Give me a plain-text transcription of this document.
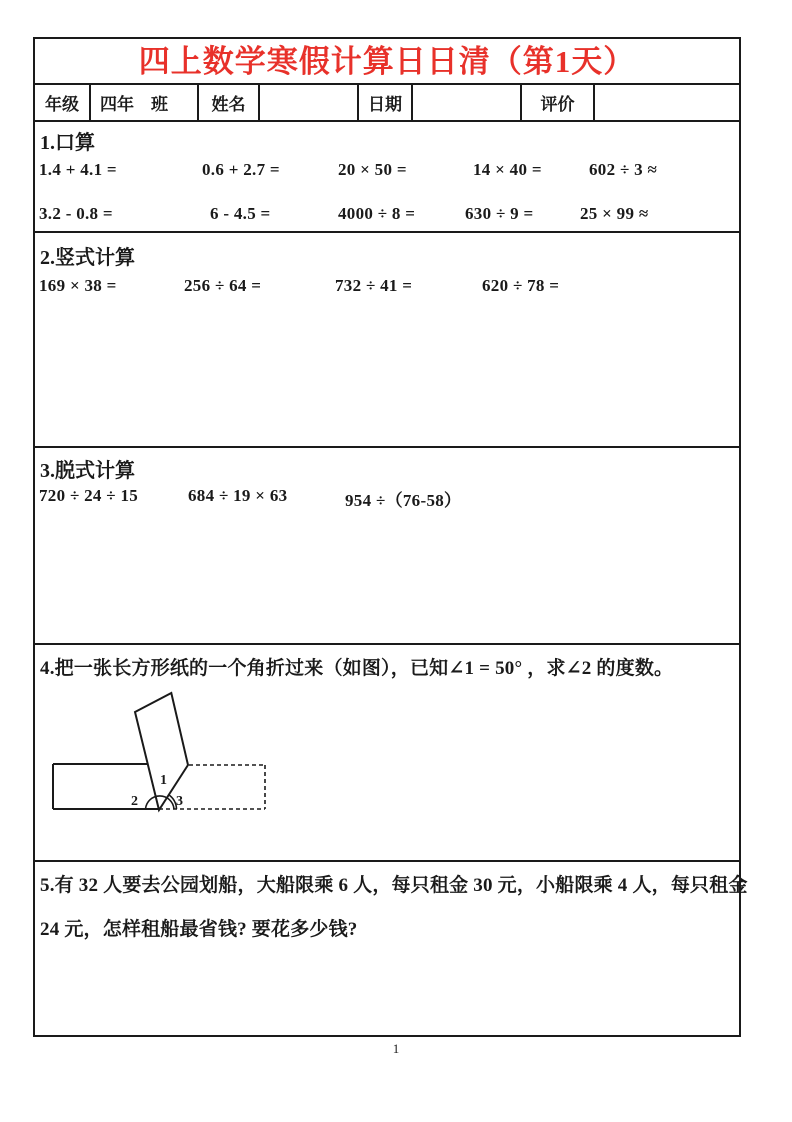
四上数学寒假计算日日清（第1天）
年级	四年　班	姓名	日期	评价
1.口算
1.4 + 4.1 =	0.6 + 2.7 =	20 × 50 =	14 × 40 =	602 ÷ 3 ≈
3.2 - 0.8 =	6 - 4.5 =	4000 ÷ 8 =	630 ÷ 9 =	25 × 99 ≈
2.竖式计算
169 × 38 =	256 ÷ 64 =	732 ÷ 41 =	620 ÷ 78 =
3.脱式计算
720 ÷ 24 ÷ 15	684 ÷ 19 × 63	954 ÷（76-58）
4.把一张长方形纸的一个角折过来（如图），已知∠1 = 50° ，求∠2 的度数。
1
2	3
5.有 32 人要去公园划船，大船限乘 6 人，每只租金 30 元，小船限乘 4 人，每只租金
24 元，怎样租船最省钱? 要花多少钱?
1
